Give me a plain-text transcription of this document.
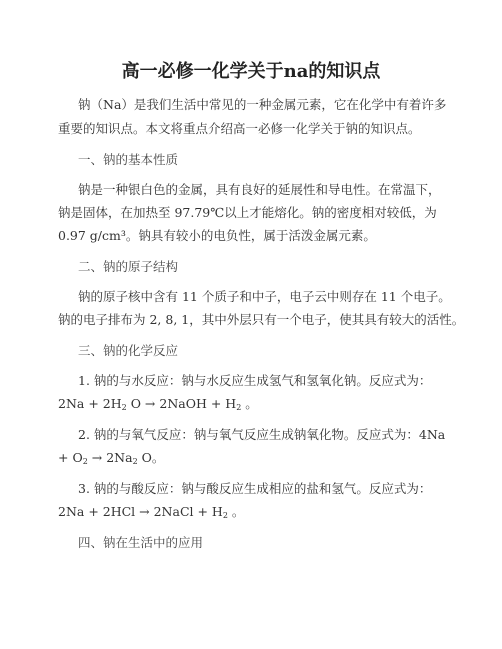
高一必修一化学关于na的知识点
钠（Na）是我们生活中常见的一种金属元素，它在化学中有着许多
重要的知识点。本文将重点介绍高一必修一化学关于钠的知识点。
一、钠的基本性质
钠是一种银白色的金属，具有良好的延展性和导电性。在常温下，
钠是固体，在加热至 97.79℃以上才能熔化。钠的密度相对较低，为
0.97 g/cm³。钠具有较小的电负性，属于活泼金属元素。
二、钠的原子结构
钠的原子核中含有 11 个质子和中子，电子云中则存在 11 个电子。
钠的电子排布为 2, 8, 1，其中外层只有一个电子，使其具有较大的活性。
三、钠的化学反应
1. 钠的与水反应：钠与水反应生成氢气和氢氧化钠。反应式为：
$2Na + 2H_2$ O → 2NaOH + $H_2$ 。
2. 钠的与氧气反应：钠与氧气反应生成钠氧化物。反应式为：4Na
+ $O_2 \to 2Na_2$ O。
3. 钠的与酸反应：钠与酸反应生成相应的盐和氢气。反应式为：
2Na + 2HCl → 2NaCl + $H_2$ 。
四、钠在生活中的应用
